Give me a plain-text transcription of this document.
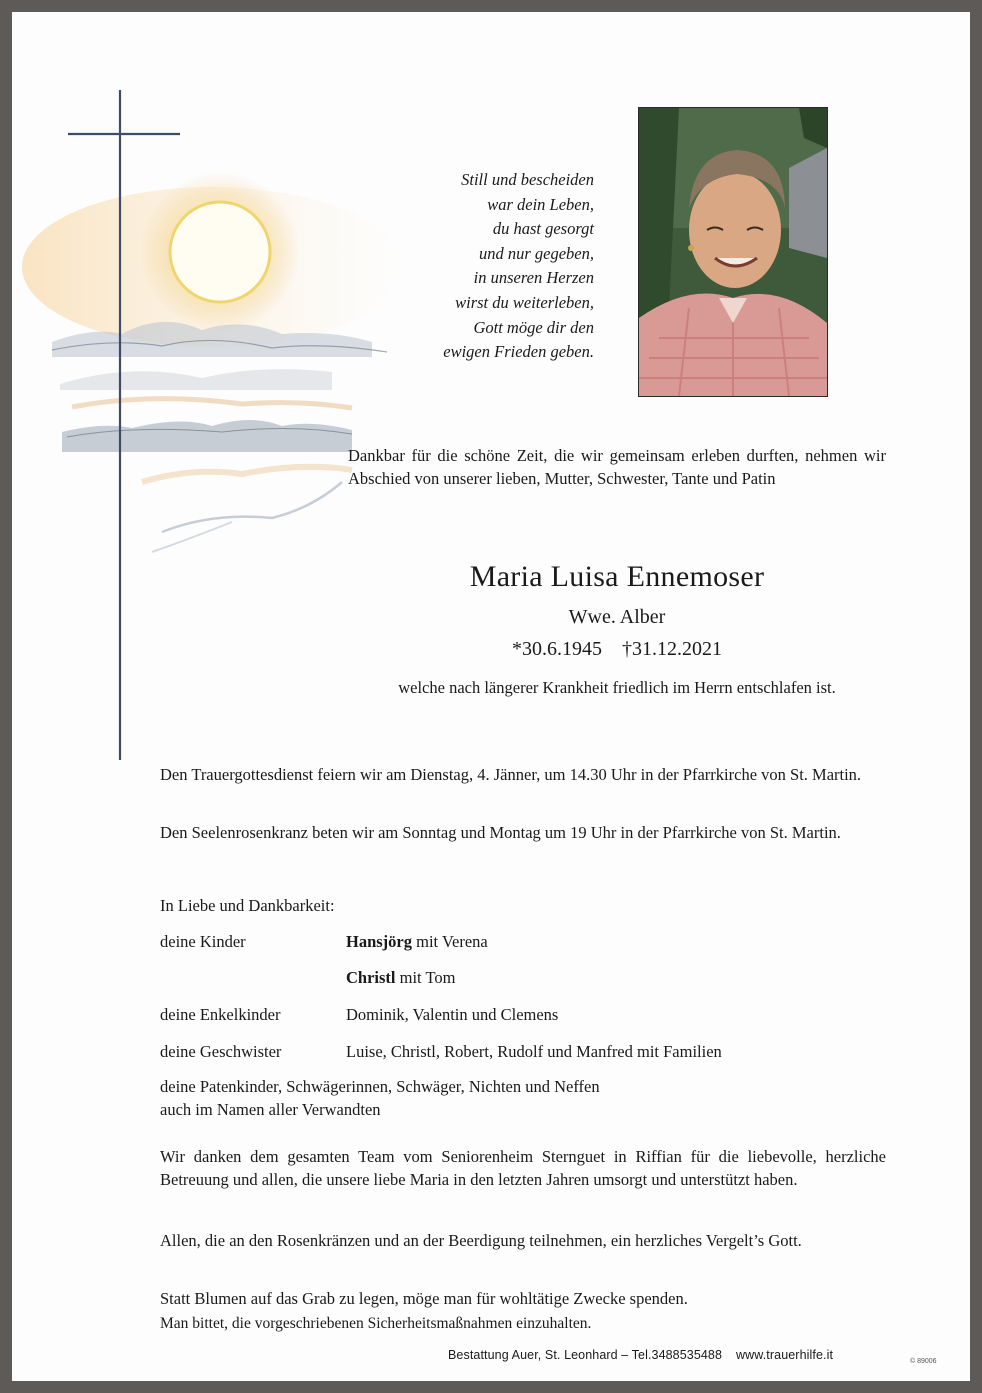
Still und bescheiden
war dein Leben,
du hast gesorgt
und nur gegeben,
in unseren Herzen
wirst du weiterleben,
Gott möge dir den
ewigen Frieden geben.
Dankbar für die schöne Zeit, die wir gemeinsam erleben durften, nehmen wir Abschied von unserer lieben, Mutter, Schwester, Tante und Patin
Maria Luisa Ennemoser
Wwe. Alber
*30.6.1945 †31.12.2021
welche nach längerer Krankheit friedlich im Herrn entschlafen ist.
Den Trauergottesdienst feiern wir am Dienstag, 4. Jänner, um 14.30 Uhr in der Pfarrkirche von St. Martin.
Den Seelenrosenkranz beten wir am Sonntag und Montag um 19 Uhr in der Pfarrkirche von St. Martin.
In Liebe und Dankbarkeit:
deine Kinder	Hansjörg mit Verena
Christl mit Tom
deine Enkelkinder	Dominik, Valentin und Clemens
deine Geschwister	Luise, Christl, Robert, Rudolf und Manfred mit Familien
deine Patenkinder, Schwägerinnen, Schwäger, Nichten und Neffen
auch im Namen aller Verwandten
Wir danken dem gesamten Team vom Seniorenheim Sternguet in Riffian für die liebevolle, herzliche Betreuung und allen, die unsere liebe Maria in den letzten Jahren umsorgt und unterstützt haben.
Allen, die an den Rosenkränzen und an der Beerdigung teilnehmen, ein herzliches Vergelt’s Gott.
Statt Blumen auf das Grab zu legen, möge man für wohltätige Zwecke spenden.
Man bittet, die vorgeschriebenen Sicherheitsmaßnahmen einzuhalten.
Bestattung Auer, St. Leonhard – Tel.3488535488 www.trauerhilfe.it	© 89006
